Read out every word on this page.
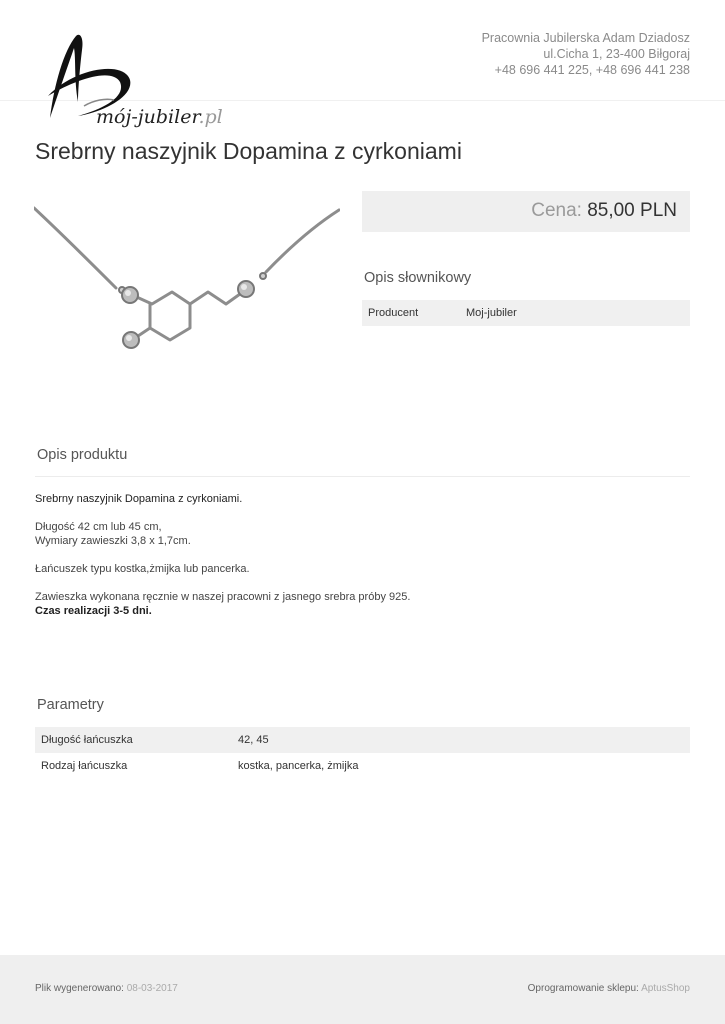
mój-jubiler.pl
Pracownia Jubilerska Adam Dziadosz
ul.Cicha 1, 23-400 Biłgoraj
+48 696 441 225, +48 696 441 238
Srebrny naszyjnik Dopamina z cyrkoniami
Cena: 85,00 PLN
Opis słownikowy
Producent	Moj-jubiler
Opis produktu

Srebrny naszyjnik Dopamina z cyrkoniami.

Długość 42 cm lub 45 cm,

Wymiary zawieszki 3,8 x 1,7cm.

Łańcuszek typu kostka,żmijka lub pancerka.

Zawieszka wykonana ręcznie w naszej pracowni z jasnego srebra próby 925.

Czas realizacji 3-5 dni.

Parametry
Długość łańcuszka	42, 45
Rodzaj łańcuszka	kostka, pancerka, żmijka
Plik wygenerowano: 08-03-2017	Oprogramowanie sklepu: AptusShop
